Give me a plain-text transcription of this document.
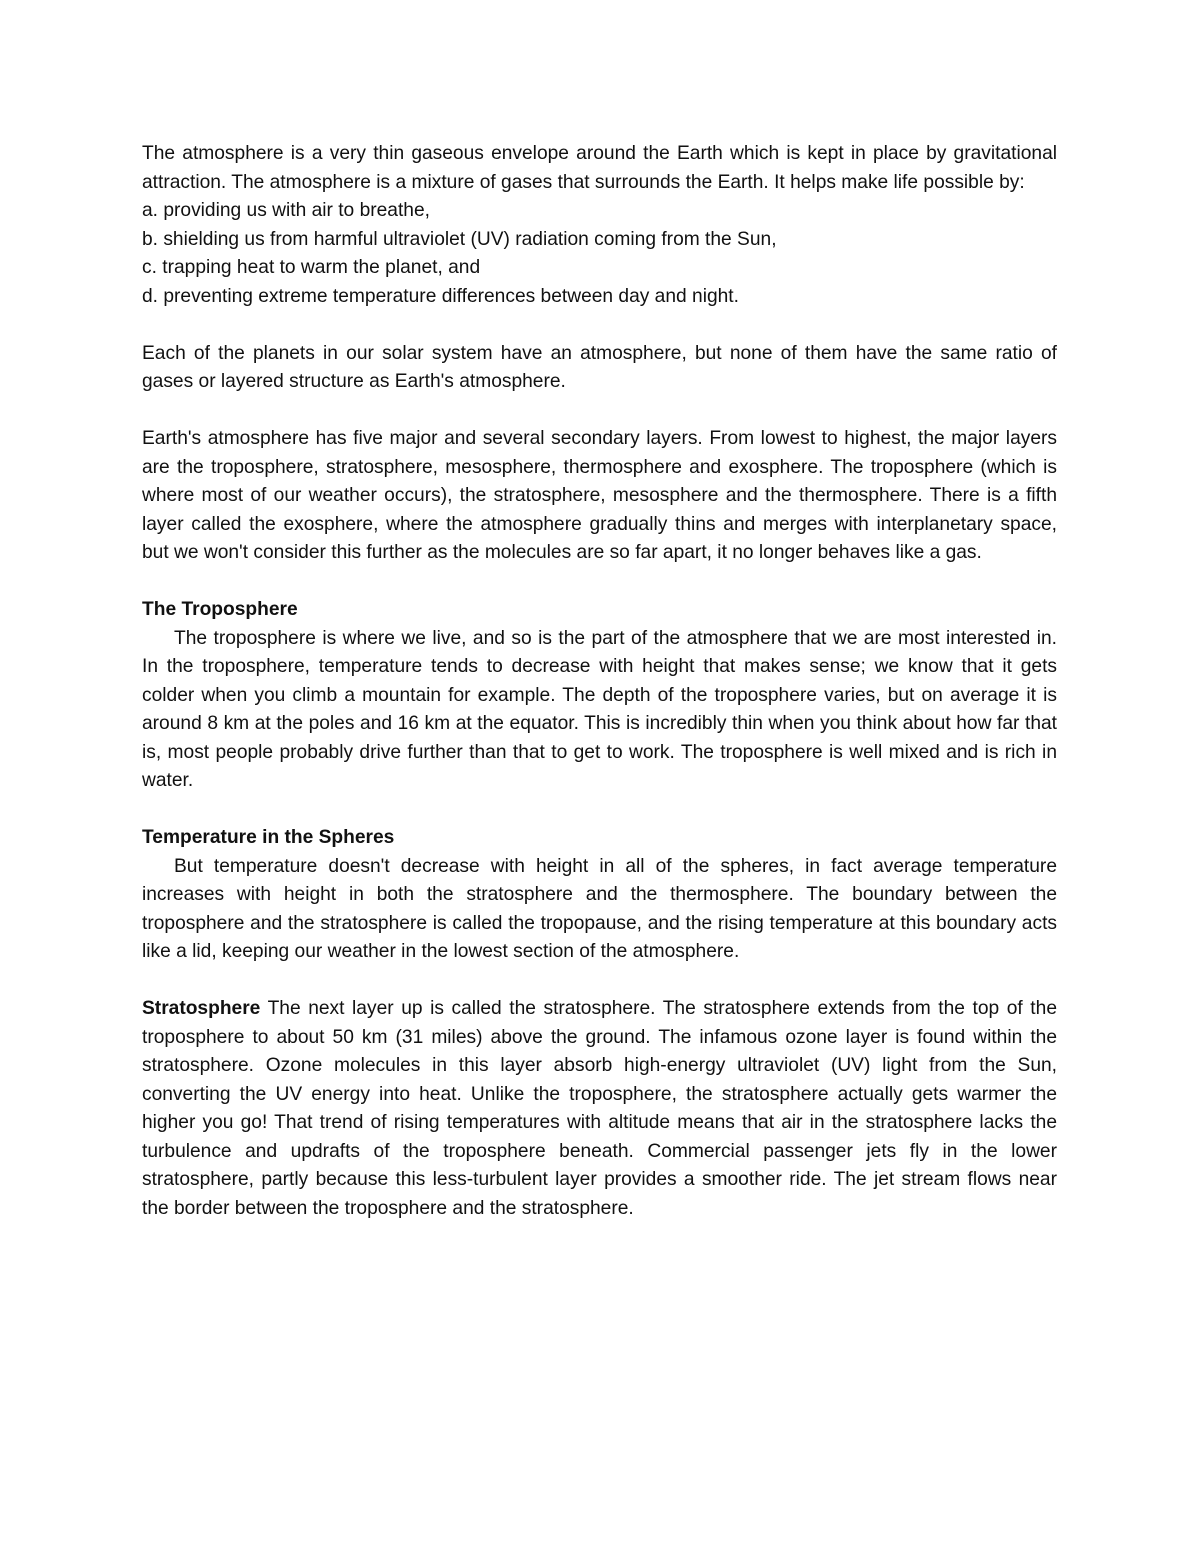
The atmosphere is a very thin gaseous envelope around the Earth which is kept in place by gravitational attraction. The atmosphere is a mixture of gases that surrounds the Earth. It helps make life possible by:

a. providing us with air to breathe,

b. shielding us from harmful ultraviolet (UV) radiation coming from the Sun,

c. trapping heat to warm the planet, and

d. preventing extreme temperature differences between day and night.

Each of the planets in our solar system have an atmosphere, but none of them have the same ratio of gases or layered structure as Earth's atmosphere.

Earth's atmosphere has five major and several secondary layers. From lowest to highest, the major layers are the troposphere, stratosphere, mesosphere, thermosphere and exosphere. The troposphere (which is where most of our weather occurs), the stratosphere, mesosphere and the thermosphere. There is a fifth layer called the exosphere, where the atmosphere gradually thins and merges with interplanetary space, but we won't consider this further as the molecules are so far apart, it no longer behaves like a gas.

The Troposphere

The troposphere is where we live, and so is the part of the atmosphere that we are most interested in. In the troposphere, temperature tends to decrease with height that makes sense; we know that it gets colder when you climb a mountain for example. The depth of the troposphere varies, but on average it is around 8 km at the poles and 16 km at the equator. This is incredibly thin when you think about how far that is, most people probably drive further than that to get to work. The troposphere is well mixed and is rich in water.

Temperature in the Spheres

But temperature doesn't decrease with height in all of the spheres, in fact average temperature increases with height in both the stratosphere and the thermosphere. The boundary between the troposphere and the stratosphere is called the tropopause, and the rising temperature at this boundary acts like a lid, keeping our weather in the lowest section of the atmosphere.

Stratosphere The next layer up is called the stratosphere. The stratosphere extends from the top of the troposphere to about 50 km (31 miles) above the ground. The infamous ozone layer is found within the stratosphere. Ozone molecules in this layer absorb high-energy ultraviolet (UV) light from the Sun, converting the UV energy into heat. Unlike the troposphere, the stratosphere actually gets warmer the higher you go! That trend of rising temperatures with altitude means that air in the stratosphere lacks the turbulence and updrafts of the troposphere beneath. Commercial passenger jets fly in the lower stratosphere, partly because this less-turbulent layer provides a smoother ride. The jet stream flows near the border between the troposphere and the stratosphere.
